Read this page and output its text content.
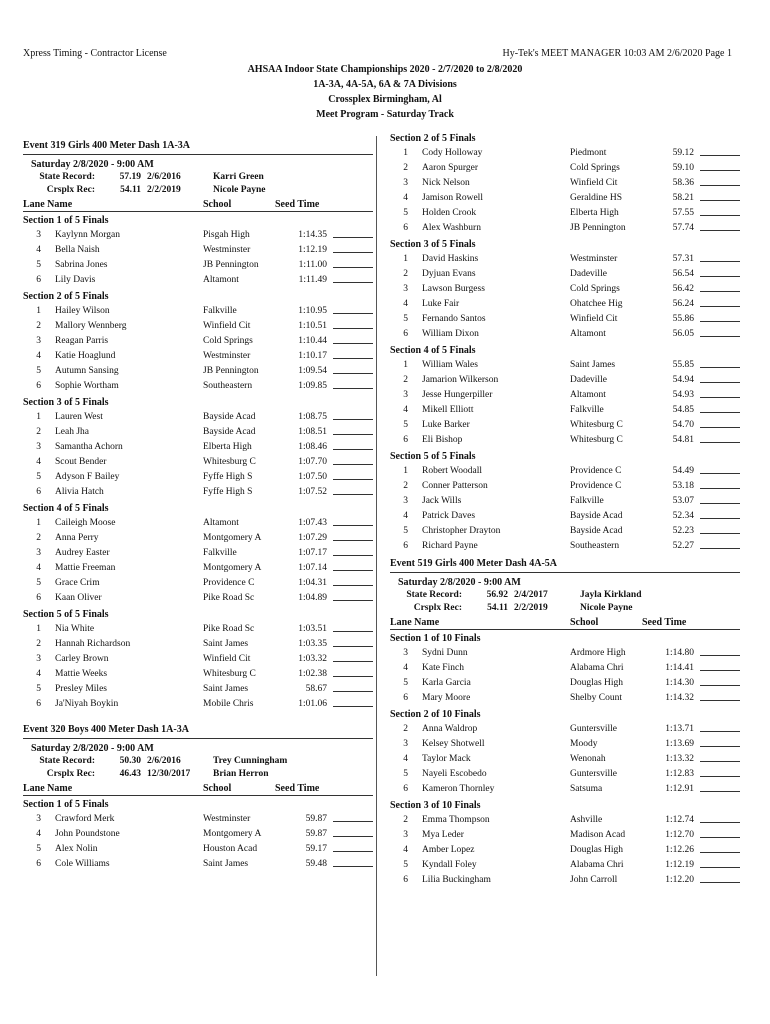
Xpress Timing - Contractor License	Hy-Tek's MEET MANAGER 10:03 AM 2/6/2020 Page 1
AHSAA Indoor State Championships 2020 - 2/7/2020 to 2/8/2020
1A-3A, 4A-5A, 6A & 7A Divisions
Crossplex Birmingham, Al
Meet Program - Saturday Track
Event 319 Girls 400 Meter Dash 1A-3A
Saturday 2/8/2020 - 9:00 AM
State Record:	57.19 2/6/2016	Karri Green
Crsplx Rec:	54.11 2/2/2019	Nicole Payne
Lane Name	School	Seed Time
Section 1 of 5 Finals
3	Kaylynn Morgan	Pisgah High	1:14.35
4	Bella Naish	Westminster	1:12.19
5	Sabrina Jones	JB Pennington	1:11.00
6	Lily Davis	Altamont	1:11.49
Section 2 of 5 Finals
1	Hailey Wilson	Falkville	1:10.95
2	Mallory Wennberg	Winfield Cit	1:10.51
3	Reagan Parris	Cold Springs	1:10.44
4	Katie Hoaglund	Westminster	1:10.17
5	Autumn Sansing	JB Pennington	1:09.54
6	Sophie Wortham	Southeastern	1:09.85
Section 3 of 5 Finals
1	Lauren West	Bayside Acad	1:08.75
2	Leah Jha	Bayside Acad	1:08.51
3	Samantha Achorn	Elberta High	1:08.46
4	Scout Bender	Whitesburg C	1:07.70
5	Adyson F Bailey	Fyffe High S	1:07.50
6	Alivia Hatch	Fyffe High S	1:07.52
Section 4 of 5 Finals
1	Caileigh Moose	Altamont	1:07.43
2	Anna Perry	Montgomery A	1:07.29
3	Audrey Easter	Falkville	1:07.17
4	Mattie Freeman	Montgomery A	1:07.14
5	Grace Crim	Providence C	1:04.31
6	Kaan Oliver	Pike Road Sc	1:04.89
Section 5 of 5 Finals
1	Nia White	Pike Road Sc	1:03.51
2	Hannah Richardson	Saint James	1:03.35
3	Carley Brown	Winfield Cit	1:03.32
4	Mattie Weeks	Whitesburg C	1:02.38
5	Presley Miles	Saint James	58.67
6	Ja'Niyah Boykin	Mobile Chris	1:01.06
Event 320 Boys 400 Meter Dash 1A-3A
Saturday 2/8/2020 - 9:00 AM
State Record:	50.30 2/6/2016	Trey Cunningham
Crsplx Rec:	46.43 12/30/2017	Brian Herron
Lane Name	School	Seed Time
Section 1 of 5 Finals
3	Crawford Merk	Westminster	59.87
4	John Poundstone	Montgomery A	59.87
5	Alex Nolin	Houston Acad	59.17
6	Cole Williams	Saint James	59.48
Section 2 of 5 Finals
1	Cody Holloway	Piedmont	59.12
2	Aaron Spurger	Cold Springs	59.10
3	Nick Nelson	Winfield Cit	58.36
4	Jamison Rowell	Geraldine HS	58.21
5	Holden Crook	Elberta High	57.55
6	Alex Washburn	JB Pennington	57.74
Section 3 of 5 Finals
1	David Haskins	Westminster	57.31
2	Dyjuan Evans	Dadeville	56.54
3	Lawson Burgess	Cold Springs	56.42
4	Luke Fair	Ohatchee Hig	56.24
5	Fernando Santos	Winfield Cit	55.86
6	William Dixon	Altamont	56.05
Section 4 of 5 Finals
1	William Wales	Saint James	55.85
2	Jamarion Wilkerson	Dadeville	54.94
3	Jesse Hungerpiller	Altamont	54.93
4	Mikell Elliott	Falkville	54.85
5	Luke Barker	Whitesburg C	54.70
6	Eli Bishop	Whitesburg C	54.81
Section 5 of 5 Finals
1	Robert Woodall	Providence C	54.49
2	Conner Patterson	Providence C	53.18
3	Jack Wills	Falkville	53.07
4	Patrick Daves	Bayside Acad	52.34
5	Christopher Drayton	Bayside Acad	52.23
6	Richard Payne	Southeastern	52.27
Event 519 Girls 400 Meter Dash 4A-5A
Saturday 2/8/2020 - 9:00 AM
State Record:	56.92 2/4/2017	Jayla Kirkland
Crsplx Rec:	54.11 2/2/2019	Nicole Payne
Lane Name	School	Seed Time
Section 1 of 10 Finals
3	Sydni Dunn	Ardmore High	1:14.80
4	Kate Finch	Alabama Chri	1:14.41
5	Karla Garcia	Douglas High	1:14.30
6	Mary Moore	Shelby Count	1:14.32
Section 2 of 10 Finals
2	Anna Waldrop	Guntersville	1:13.71
3	Kelsey Shotwell	Moody	1:13.69
4	Taylor Mack	Wenonah	1:13.32
5	Nayeli Escobedo	Guntersville	1:12.83
6	Kameron Thornley	Satsuma	1:12.91
Section 3 of 10 Finals
2	Emma Thompson	Ashville	1:12.74
3	Mya Leder	Madison Acad	1:12.70
4	Amber Lopez	Douglas High	1:12.26
5	Kyndall Foley	Alabama Chri	1:12.19
6	Lilia Buckingham	John Carroll	1:12.20
